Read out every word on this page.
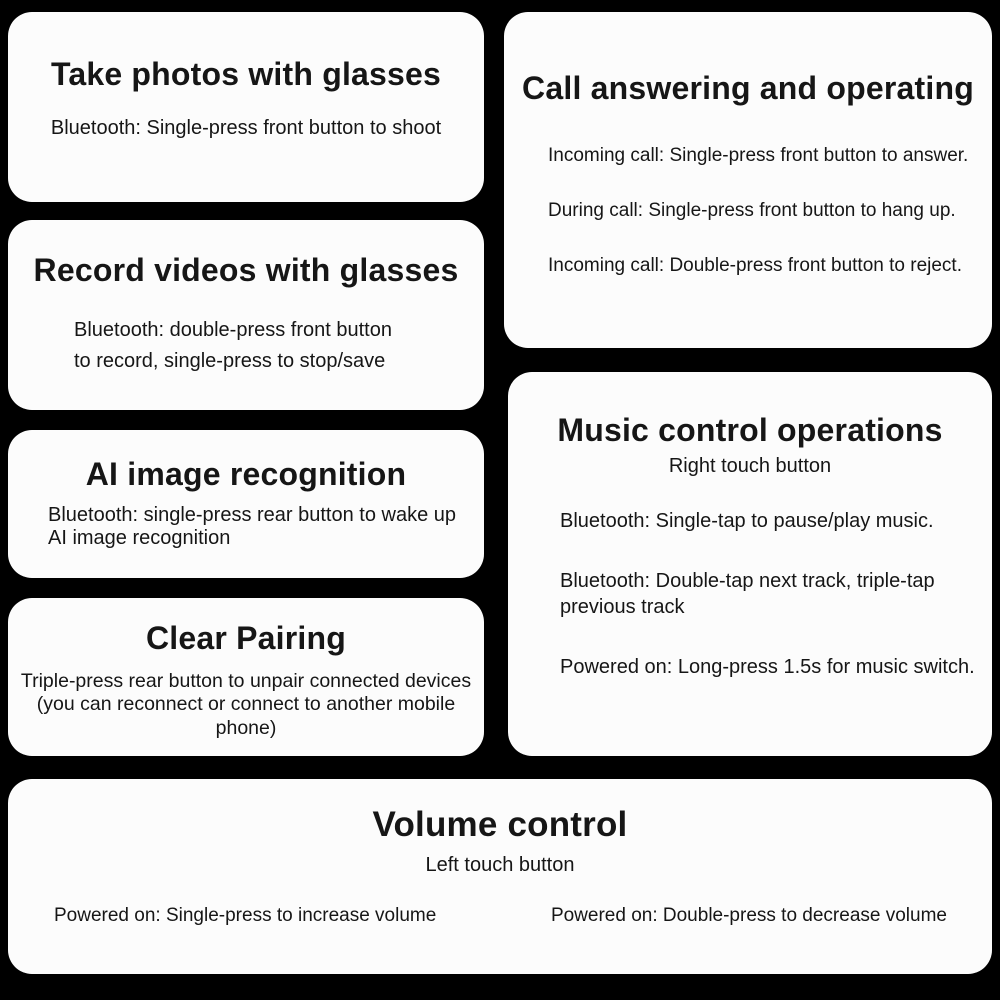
Take photos with glasses

Bluetooth: Single-press front button to shoot

Record videos with glasses

Bluetooth: double-press front button

to record, single-press to stop/save

AI image recognition

Bluetooth: single-press rear button to wake up

AI image recognition

Clear Pairing

Triple-press rear button to unpair connected devices

(you can reconnect or connect to another mobile phone)

Call answering and operating

Incoming call: Single-press front button to answer.

During call: Single-press front button to hang up.

Incoming call: Double-press front button to reject.

Music control operations

Right touch button

Bluetooth: Single-tap to pause/play music.

Bluetooth: Double-tap next track, triple-tap previous track

Powered on: Long-press 1.5s for music switch.

Volume control

Left touch button

Powered on: Single-press to increase volume	Powered on: Double-press to decrease volume
